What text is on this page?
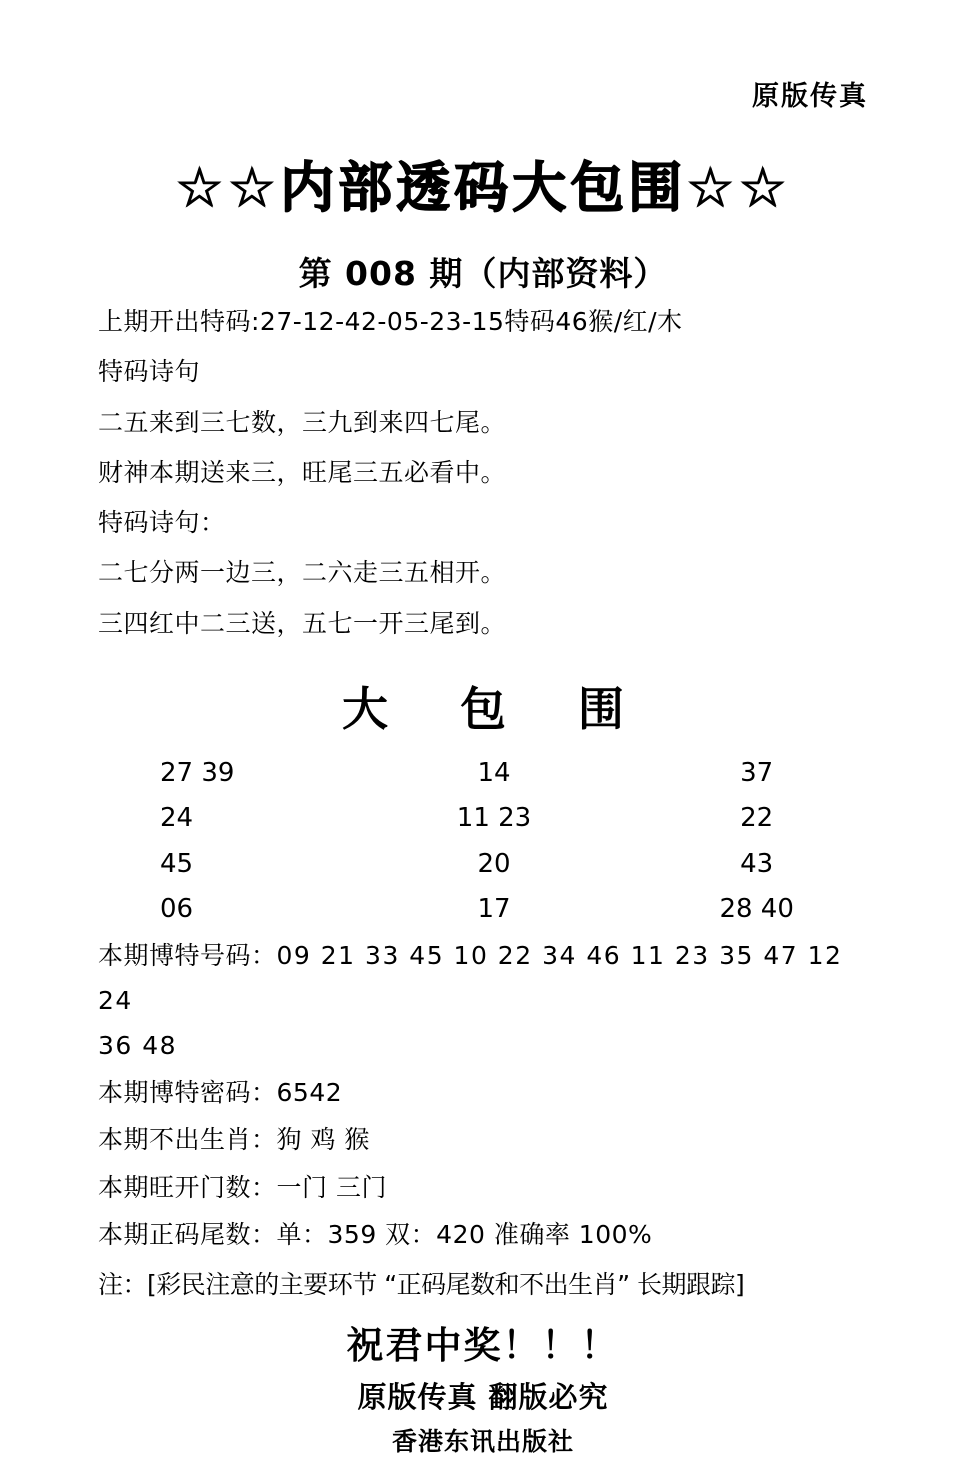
原版传真
☆☆内部透码大包围☆☆
第 008 期（内部资料）
上期开出特码:27-12-42-05-23-15特码46猴/红/木
特码诗句
二五来到三七数，三九到来四七尾。
财神本期送来三，旺尾三五必看中。
特码诗句：
二七分两一边三，二六走三五相开。
三四红中二三送，五七一开三尾到。
大 包 围
27 39	14	37
24	11 23	22
45	20	43
06	17	28 40
本期博特号码：09 21 33 45 10 22 34 46 11 23 35 47 12 24
36 48
本期博特密码：6542
本期不出生肖：狗 鸡 猴
本期旺开门数：一门 三门
本期正码尾数：单：359 双：420 准确率 100%
注：[彩民注意的主要环节 “正码尾数和不出生肖” 长期跟踪]
祝君中奖！！！
原版传真 翻版必究
香港东讯出版社
